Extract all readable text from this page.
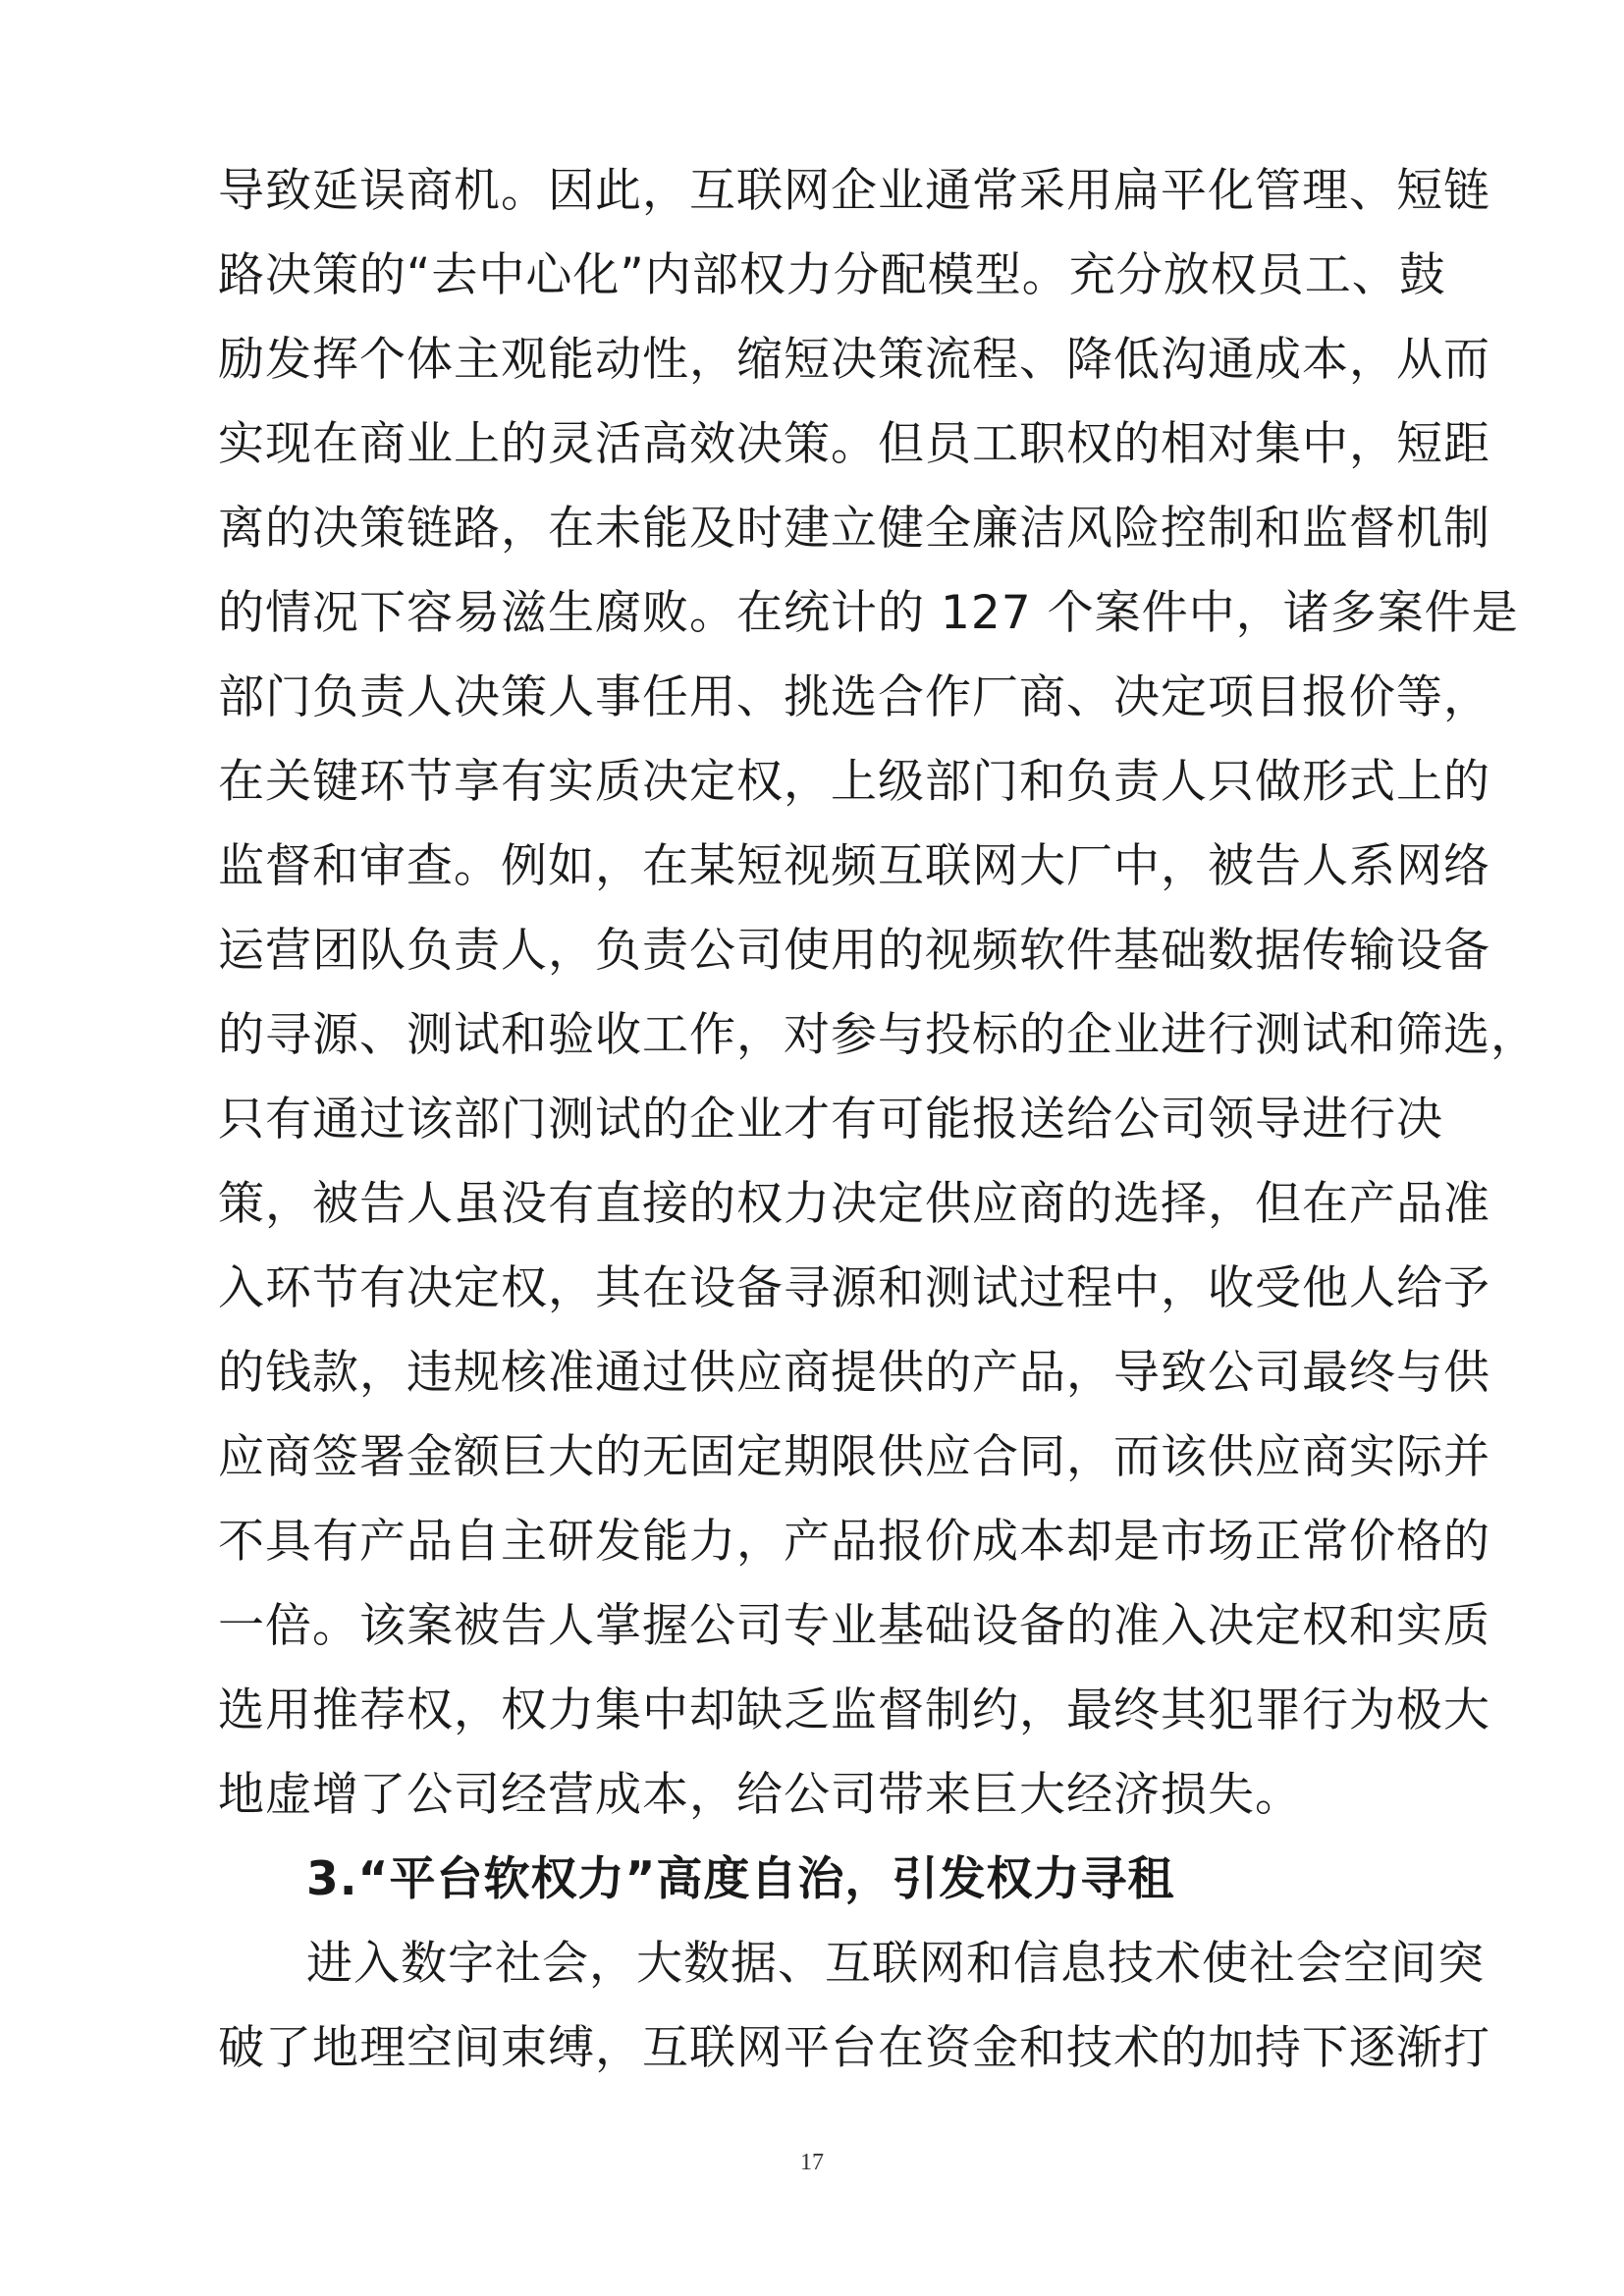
导致延误商机。因此，互联网企业通常采用扁平化管理、短链
路决策的“去中心化”内部权力分配模型。充分放权员工、鼓
励发挥个体主观能动性，缩短决策流程、降低沟通成本，从而
实现在商业上的灵活高效决策。但员工职权的相对集中，短距
离的决策链路，在未能及时建立健全廉洁风险控制和监督机制
的情况下容易滋生腐败。在统计的 127 个案件中，诸多案件是
部门负责人决策人事任用、挑选合作厂商、决定项目报价等，
在关键环节享有实质决定权，上级部门和负责人只做形式上的
监督和审查。例如，在某短视频互联网大厂中，被告人系网络
运营团队负责人，负责公司使用的视频软件基础数据传输设备
的寻源、测试和验收工作，对参与投标的企业进行测试和筛选，
只有通过该部门测试的企业才有可能报送给公司领导进行决
策，被告人虽没有直接的权力决定供应商的选择，但在产品准
入环节有决定权，其在设备寻源和测试过程中，收受他人给予
的钱款，违规核准通过供应商提供的产品，导致公司最终与供
应商签署金额巨大的无固定期限供应合同，而该供应商实际并
不具有产品自主研发能力，产品报价成本却是市场正常价格的
一倍。该案被告人掌握公司专业基础设备的准入决定权和实质
选用推荐权，权力集中却缺乏监督制约，最终其犯罪行为极大
地虚增了公司经营成本，给公司带来巨大经济损失。
3.“平台软权力”高度自治，引发权力寻租
进入数字社会，大数据、互联网和信息技术使社会空间突
破了地理空间束缚，互联网平台在资金和技术的加持下逐渐打
17
